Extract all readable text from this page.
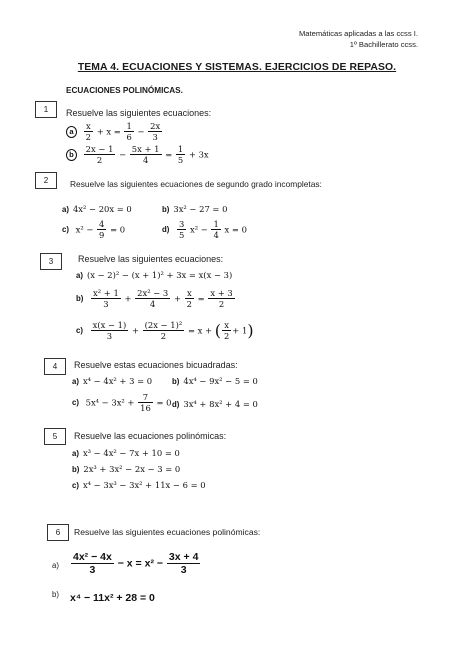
Matemáticas aplicadas a las ccss I.
1º Bachillerato ccss.
TEMA 4. ECUACIONES Y SISTEMAS. EJERCICIOS DE REPASO.
ECUACIONES POLINÓMICAS.
1	Resuelve las siguientes ecuaciones:
a $\frac{x}{2} + x = \frac{1}{6} - \frac{2x}{3}$
b $\frac{2x - 1}{2} - \frac{5x + 1}{4} = \frac{1}{5} + 3x$
2	Resuelve las siguientes ecuaciones de segundo grado incompletas:
a) 4x² − 20x = 0	b) 3x² − 27 = 0
c) $x^2 - \frac{4}{9} = 0$	$d) \frac{3}{5} x^2 - \frac{1}{4}$ x = 0
3	Resuelve las siguientes ecuaciones:
a) (x − 2)² − (x + 1)² + 3x = x(x − 3)
$b) \frac{\text{x² + 1}}{3} + \frac{\text{2x² − 3}}{4} + \frac{x}{2} = \frac{x + 3}{2}$
$c) \frac{x(x - 1)}{3} + \frac{\text{(2x − 1)²}}{2} = x$ + ( $\frac{x}{2} + 1$)
4	Resuelve estas ecuaciones bicuadradas:
a) x⁴ − 4x² + 3 = 0	b) 4x⁴ − 9x² − 5 = 0
c) $5x^4 - 3x^2 + \frac{7}{16} = 0$ d) 3x⁴ + 8x² + 4 = 0
5	Resuelve las ecuaciones polinómicas:
a) x³ − 4x² − 7x + 10 = 0
b) 2x³ + 3x² − 2x − 3 = 0
c) x⁴ − 3x³ − 3x² + 11x − 6 = 0
6	Resuelve las siguientes ecuaciones polinómicas:
$a) \frac{\text{4x² − 4x}}{3} - x = x^2 - \frac{3x + 4}{3}$
b) x⁴ − 11x² + 28 = 0
